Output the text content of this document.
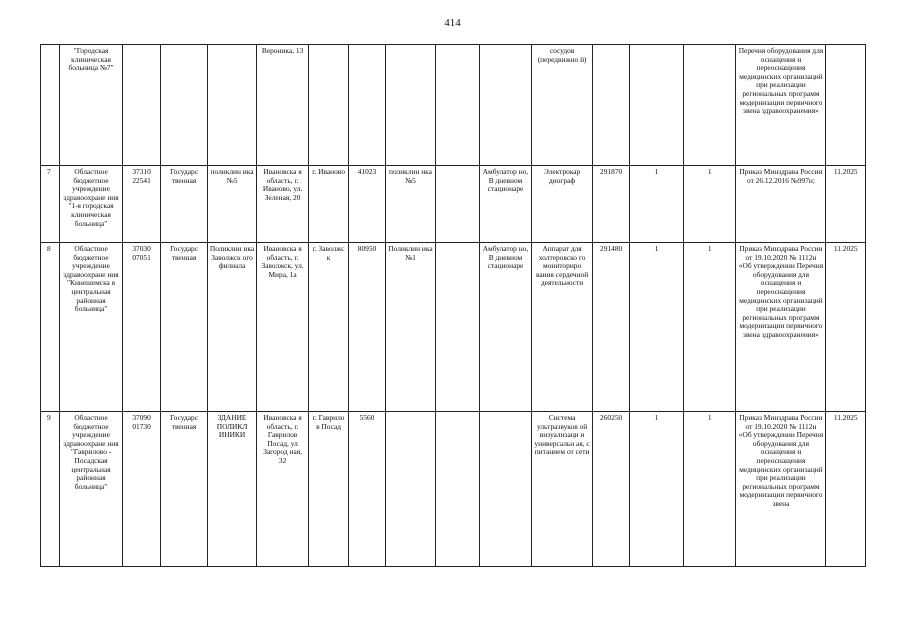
414
	"Городская клиническая больница №7"				Вероника, 13						сосудов (передвижно й)				Перечня оборудования для оснащения и переоснащения медицинских организаций при реализации региональных программ модернизации первичного звена здравоохранения»	
7	Областное бюджетное учреждение здравоохране ния "1-я городская клиническая больница"	37310 22541	Государс твенная	поликлин ика №5	Ивановска я область, г. Иваново, ул. Зеленая, 20	г. Иваново	41023	поликлин ика №5		Амбулатор но, В дневном стационаре	Электрокар диограф	291870	1	1	Приказ Минздрава России от 26.12.2016 №997н;	11.2025
8	Областное бюджетное учреждение здравоохране ния "Кинешемска я центральная районная больница"	37030 07051	Государс твенная	Поликлин ика Заволжск ого филиала	Ивановска я область, г. Заволжск, ул. Мира, 1а	г. Заволжс к	80950	Поликлин ика №1		Амбулатор но, В дневном стационаре	Аппарат для холтеровско го мониториро вания сердечной деятельности	291480	1	1	Приказ Минздрава России от 19.10.2020 № 1112н «Об утверждении Перечня оборудования для оснащения и переоснащения медицинских организаций при реализации региональных программ модернизации первичного звена здравоохранения»	11.2025
9	Областное бюджетное учреждение здравоохране ния "Гаврилово - Посадская центральная районная больница"	37090 01730	Государс твенная	ЗДАНИЕ ПОЛИКЛ ИНИКИ	Ивановска я область, г. Гаврилов Посад, ул Загород ная, 32	г. Гаврило в Посад	5560				Система ультразвуков ой визуализаци и универсальн ая, с питанием от сети	260250	1	1	Приказ Минздрава России от 19.10.2020 № 1112н «Об утверждении Перечня оборудования для оснащения и переоснащения медицинских организаций при реализации региональных программ модернизации первичного звена	11.2025
